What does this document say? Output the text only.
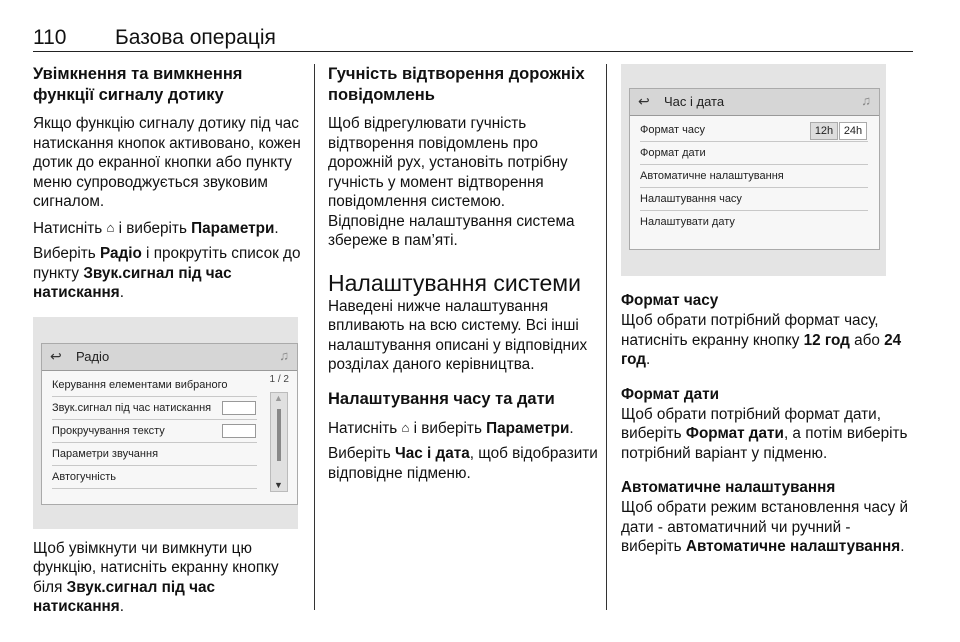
110 Базова операція
Увімкнення та вимкнення функції сигналу дотику

Якщо функцію сигналу дотику під час натискання кнопок активовано, кожен дотик до екранної кнопки або пункту меню супроводжується звуковим сигналом.

Натисніть ⌂ і виберіть Параметри.

Виберіть Радіо і прокрутіть список до пункту Звук.сигнал під час натискання.

↩ Радіо	♫
Керування елементами вибраного
Звук.сигнал під час натискання
Прокручування тексту
Параметри звучання
Автогучність
1 / 2
▲
▼

Щоб увімкнути чи вимкнути цю функцію, натисніть екранну кнопку біля Звук.сигнал під час натискання.

Гучність відтворення дорожніх повідомлень

Щоб відрегулювати гучність відтворення повідомлень про дорожній рух, установіть потрібну гучність у момент відтворення повідомлення системою.

Відповідне налаштування система збереже в пам’яті.

Налаштування системи

Наведені нижче налаштування впливають на всю систему. Всі інші налаштування описані у відповідних розділах даного керівництва.

Налаштування часу та дати

Натисніть ⌂ і виберіть Параметри.

Виберіть Час і дата, щоб відобразити відповідне підменю.

↩ Час і дата	♫
Формат часу	12h 24h
Формат дати
Автоматичне налаштування
Налаштування часу
Налаштувати дату
Формат часу

Щоб обрати потрібний формат часу, натисніть екранну кнопку 12 год або 24 год.

Формат дати

Щоб обрати потрібний формат дати, виберіть Формат дати, а потім виберіть потрібний варіант у підменю.

Автоматичне налаштування

Щоб обрати режим встановлення часу й дати - автоматичний чи ручний - виберіть Автоматичне налаштування.
